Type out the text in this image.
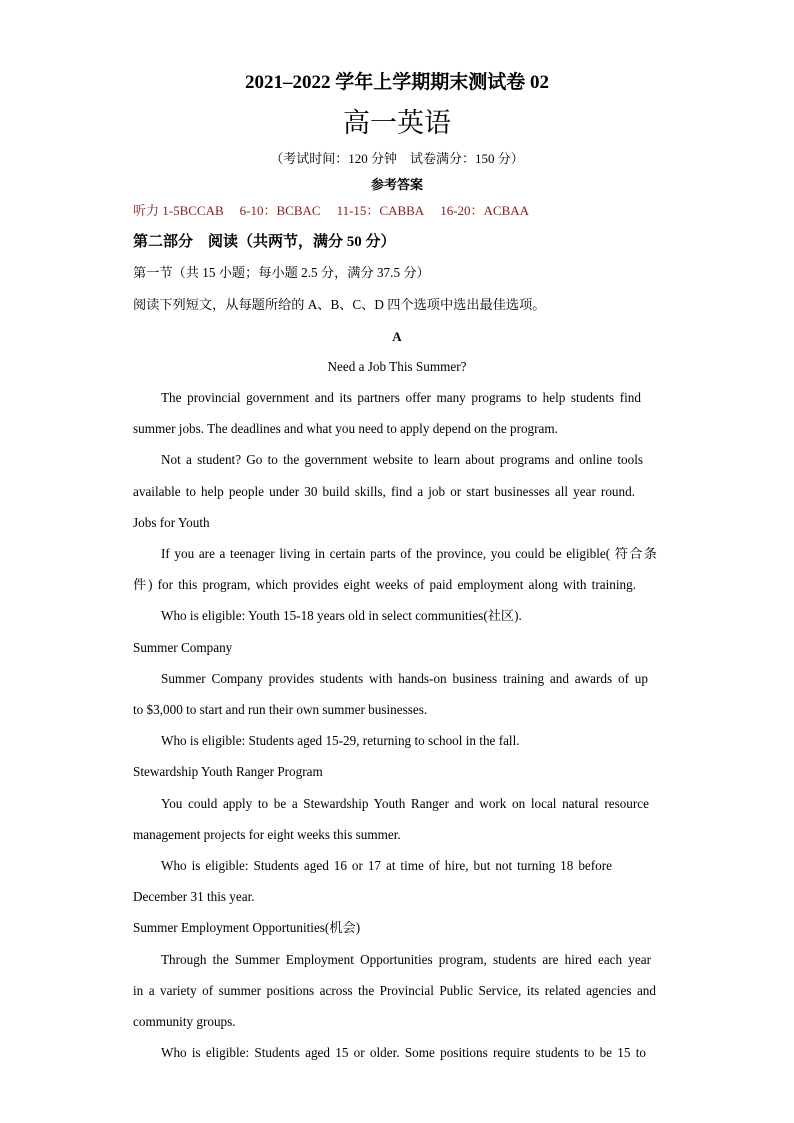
2021–2022 学年上学期期末测试卷 02
高一英语
（考试时间：120 分钟　试卷满分：150 分）
参考答案
听力 1-5BCCAB 6-10：BCBAC 11-15：CABBA 16-20：ACBAA
第二部分　阅读（共两节，满分 50 分）
第一节（共 15 小题；每小题 2.5 分，满分 37.5 分）
阅读下列短文，从每题所给的 A、B、C、D 四个选项中选出最佳选项。
A
Need a Job This Summer?
The provincial government and its partners offer many programs to help students find
summer jobs. The deadlines and what you need to apply depend on the program.
Not a student? Go to the government website to learn about programs and online tools
available to help people under 30 build skills, find a job or start businesses all year round.
Jobs for Youth
If you are a teenager living in certain parts of the province, you could be eligible( 符合条
件) for this program, which provides eight weeks of paid employment along with training.
Who is eligible: Youth 15-18 years old in select communities(社区).
Summer Company
Summer Company provides students with hands-on business training and awards of up
to $3,000 to start and run their own summer businesses.
Who is eligible: Students aged 15-29, returning to school in the fall.
Stewardship Youth Ranger Program
You could apply to be a Stewardship Youth Ranger and work on local natural resource
management projects for eight weeks this summer.
Who is eligible: Students aged 16 or 17 at time of hire, but not turning 18 before
December 31 this year.
Summer Employment Opportunities(机会)
Through the Summer Employment Opportunities program, students are hired each year
in a variety of summer positions across the Provincial Public Service, its related agencies and
community groups.
Who is eligible: Students aged 15 or older. Some positions require students to be 15 to
